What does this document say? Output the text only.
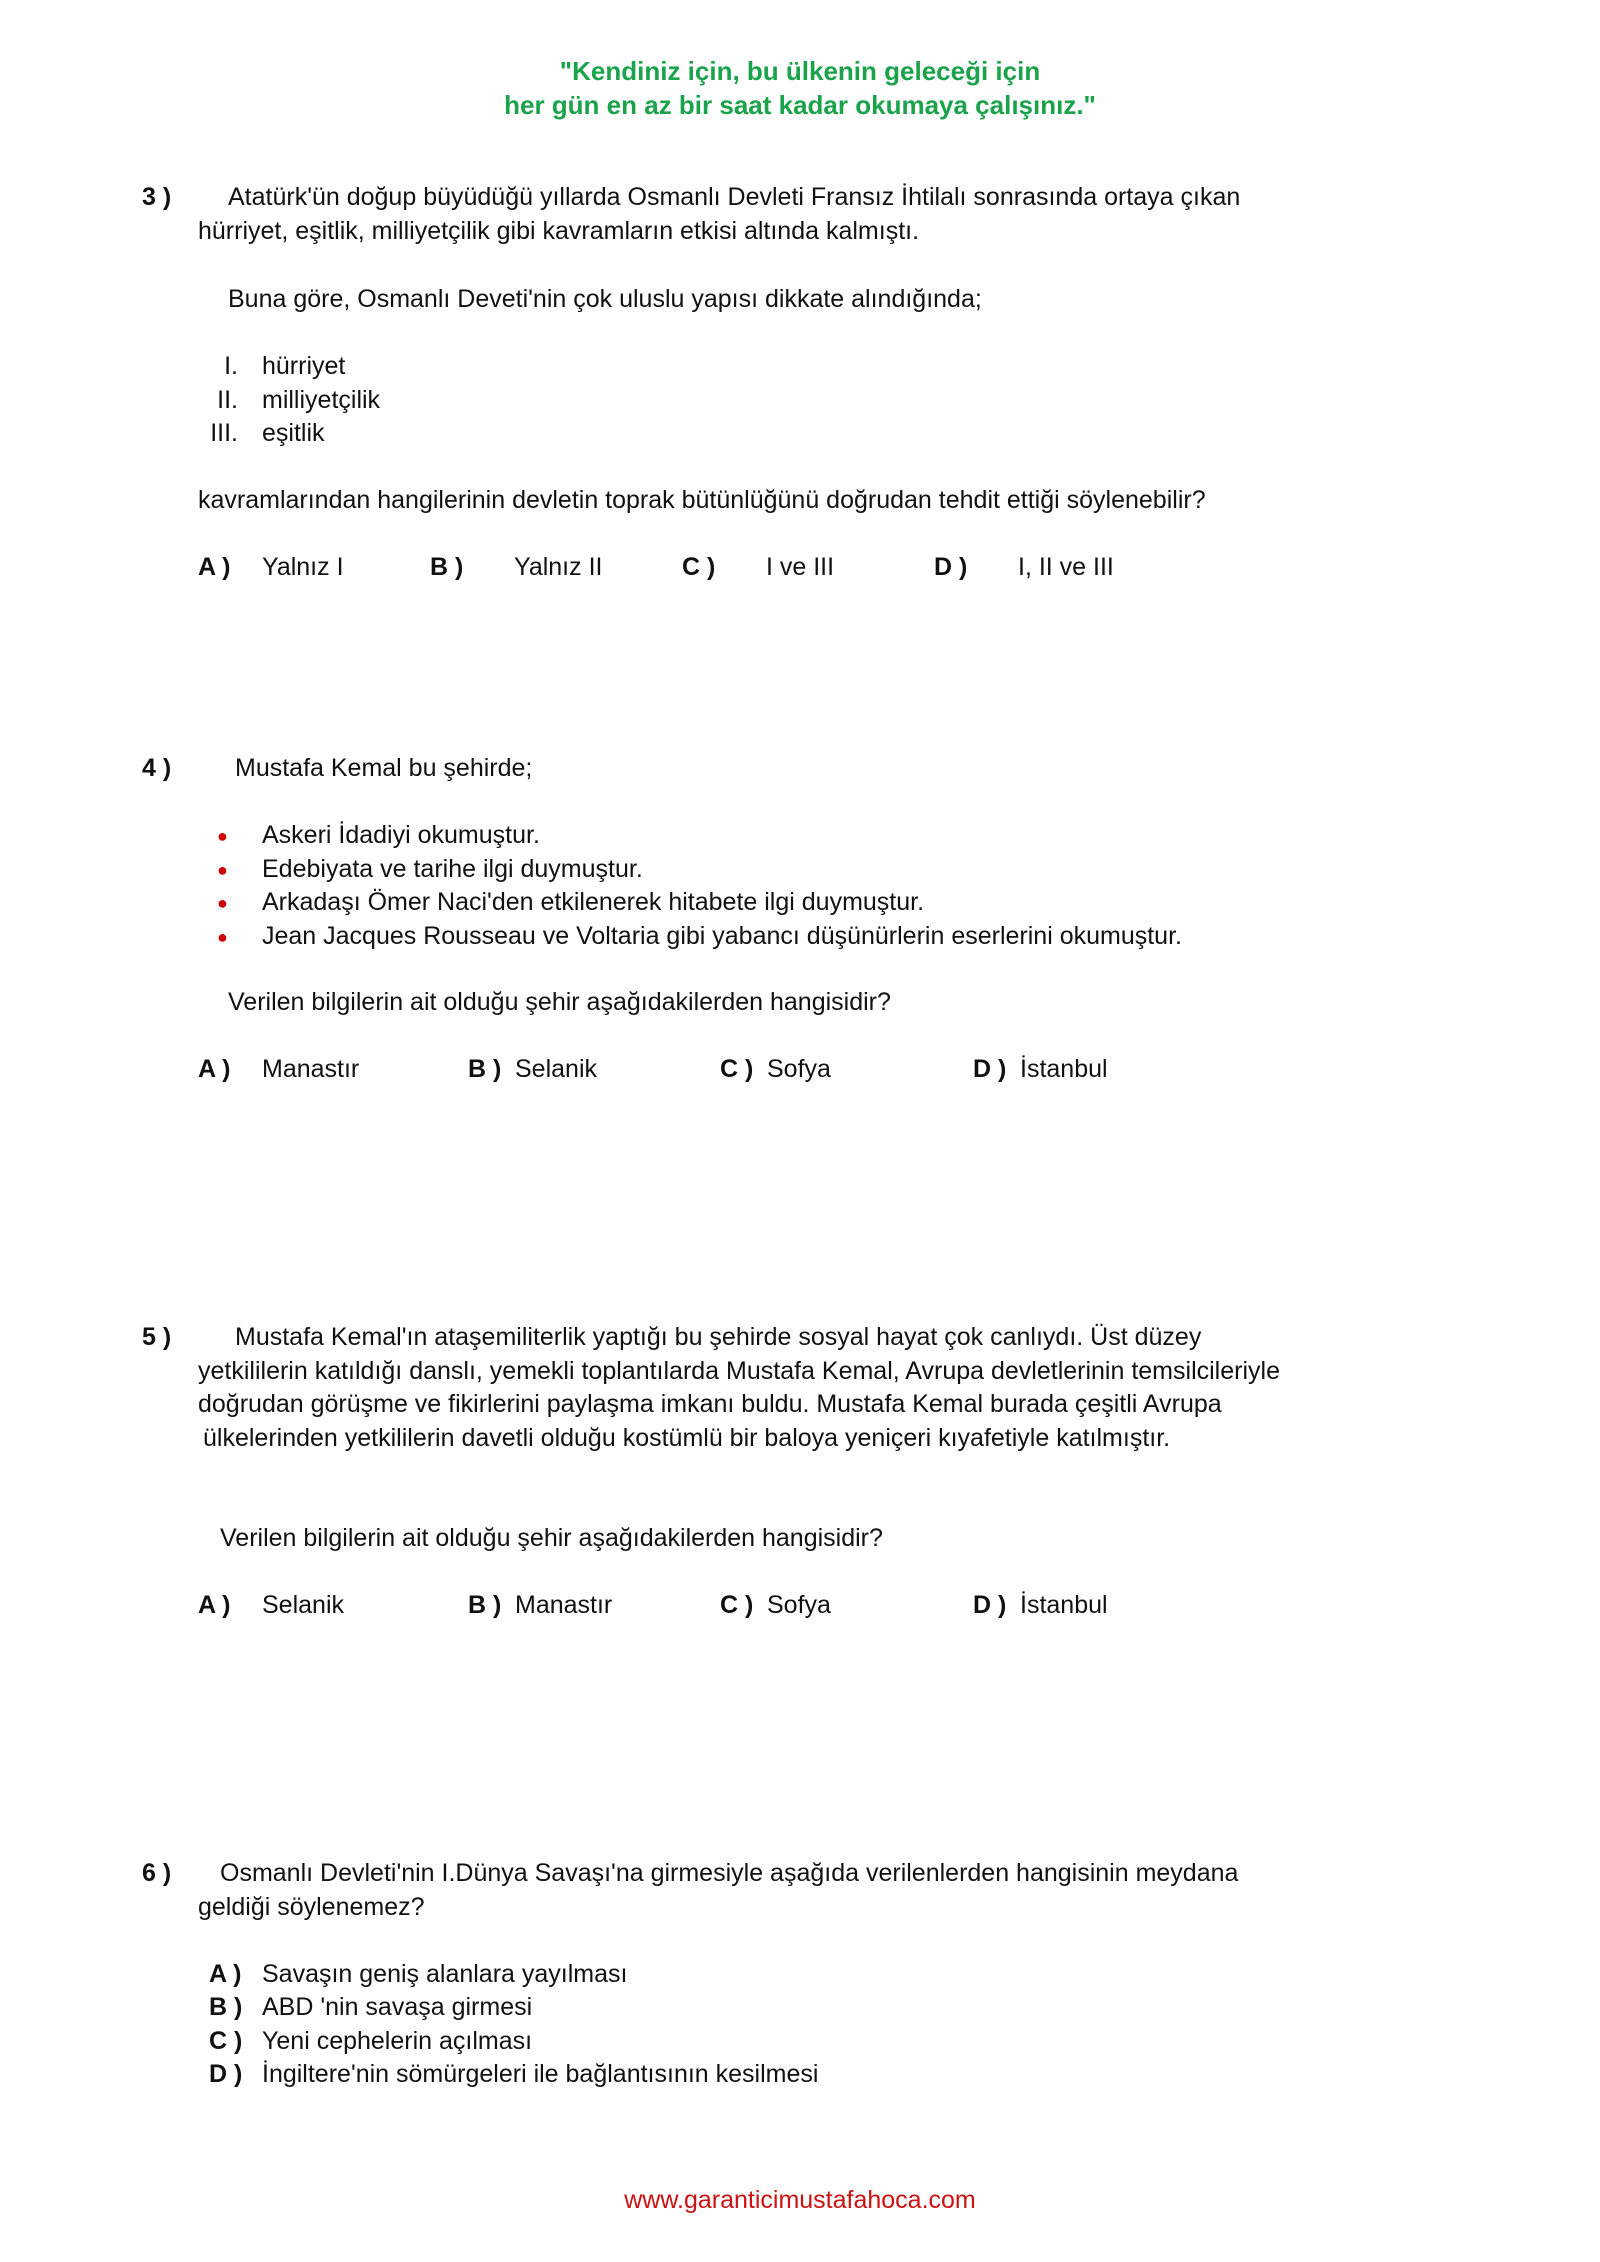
"Kendiniz için, bu ülkenin geleceği için
her gün en az bir saat kadar okumaya çalışınız."
3 ) Atatürk'ün doğup büyüdüğü yıllarda Osmanlı Devleti Fransız İhtilalı sonrasında ortaya çıkan
hürriyet, eşitlik, milliyetçilik gibi kavramların etkisi altında kalmıştı.
Buna göre, Osmanlı Deveti'nin çok uluslu yapısı dikkate alındığında;
I. hürriyet
II. milliyetçilik
III. eşitlik
kavramlarından hangilerinin devletin toprak bütünlüğünü doğrudan tehdit ettiği söylenebilir?
A ) Yalnız I	B ) Yalnız II	C ) I ve III	D ) I, II ve III
4 )	Mustafa Kemal bu şehirde;
● Askeri İdadiyi okumuştur.
● Edebiyata ve tarihe ilgi duymuştur.
● Arkadaşı Ömer Naci'den etkilenerek hitabete ilgi duymuştur.
● Jean Jacques Rousseau ve Voltaria gibi yabancı düşünürlerin eserlerini okumuştur.
Verilen bilgilerin ait olduğu şehir aşağıdakilerden hangisidir?
A ) Manastır	B ) Selanik	C ) Sofya	D ) İstanbul
5 )	Mustafa Kemal'ın ataşemiliterlik yaptığı bu şehirde sosyal hayat çok canlıydı. Üst düzey
yetkililerin katıldığı danslı, yemekli toplantılarda Mustafa Kemal, Avrupa devletlerinin temsilcileriyle
doğrudan görüşme ve fikirlerini paylaşma imkanı buldu. Mustafa Kemal burada çeşitli Avrupa
ülkelerinden yetkililerin davetli olduğu kostümlü bir baloya yeniçeri kıyafetiyle katılmıştır.
Verilen bilgilerin ait olduğu şehir aşağıdakilerden hangisidir?
A ) Selanik	B ) Manastır	C ) Sofya	D ) İstanbul
6 ) Osmanlı Devleti'nin I.Dünya Savaşı'na girmesiyle aşağıda verilenlerden hangisinin meydana
geldiği söylenemez?
A ) Savaşın geniş alanlara yayılması
B ) ABD 'nin savaşa girmesi
C ) Yeni cephelerin açılması
D ) İngiltere'nin sömürgeleri ile bağlantısının kesilmesi
www.garanticimustafahoca.com
